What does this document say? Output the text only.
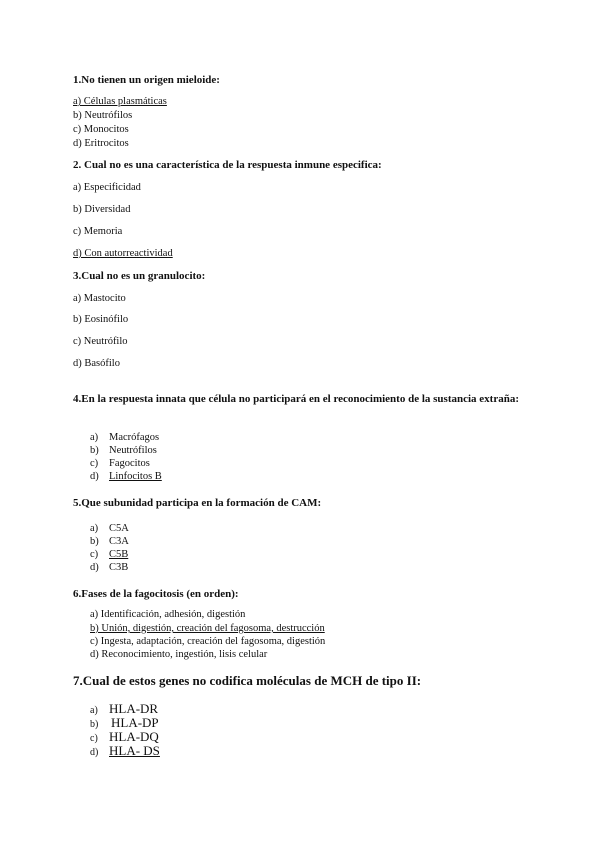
1.No tienen un origen mieloide:

a) Células plasmáticas
b) Neutrófilos
c) Monocitos
d) Eritrocitos

2. Cual no es una característica de la respuesta inmune especifica:

a) Especificidad
b) Diversidad
c) Memoria
d) Con autorreactividad

3.Cual no es un granulocito:

a) Mastocito
b) Eosinófilo
c) Neutrófilo
d) Basófilo

4.En la respuesta innata que célula no participará en el reconocimiento de la sustancia extraña:

a) Macrófagos
b) Neutrófilos
c) Fagocitos
d) Linfocitos B

5.Que subunidad participa en la formación de CAM:

a) C5A
b) C3A
c) C5B
d) C3B

6.Fases de la fagocitosis (en orden):

a) Identificación, adhesión, digestión
b) Unión, digestión, creación del fagosoma, destrucción
c) Ingesta, adaptación, creación del fagosoma, digestión
d) Reconocimiento, ingestión, lisis celular

7.Cual de estos genes no codifica moléculas de MCH de tipo II:

a) HLA-DR
b) HLA-DP
c) HLA-DQ
d) HLA- DS
